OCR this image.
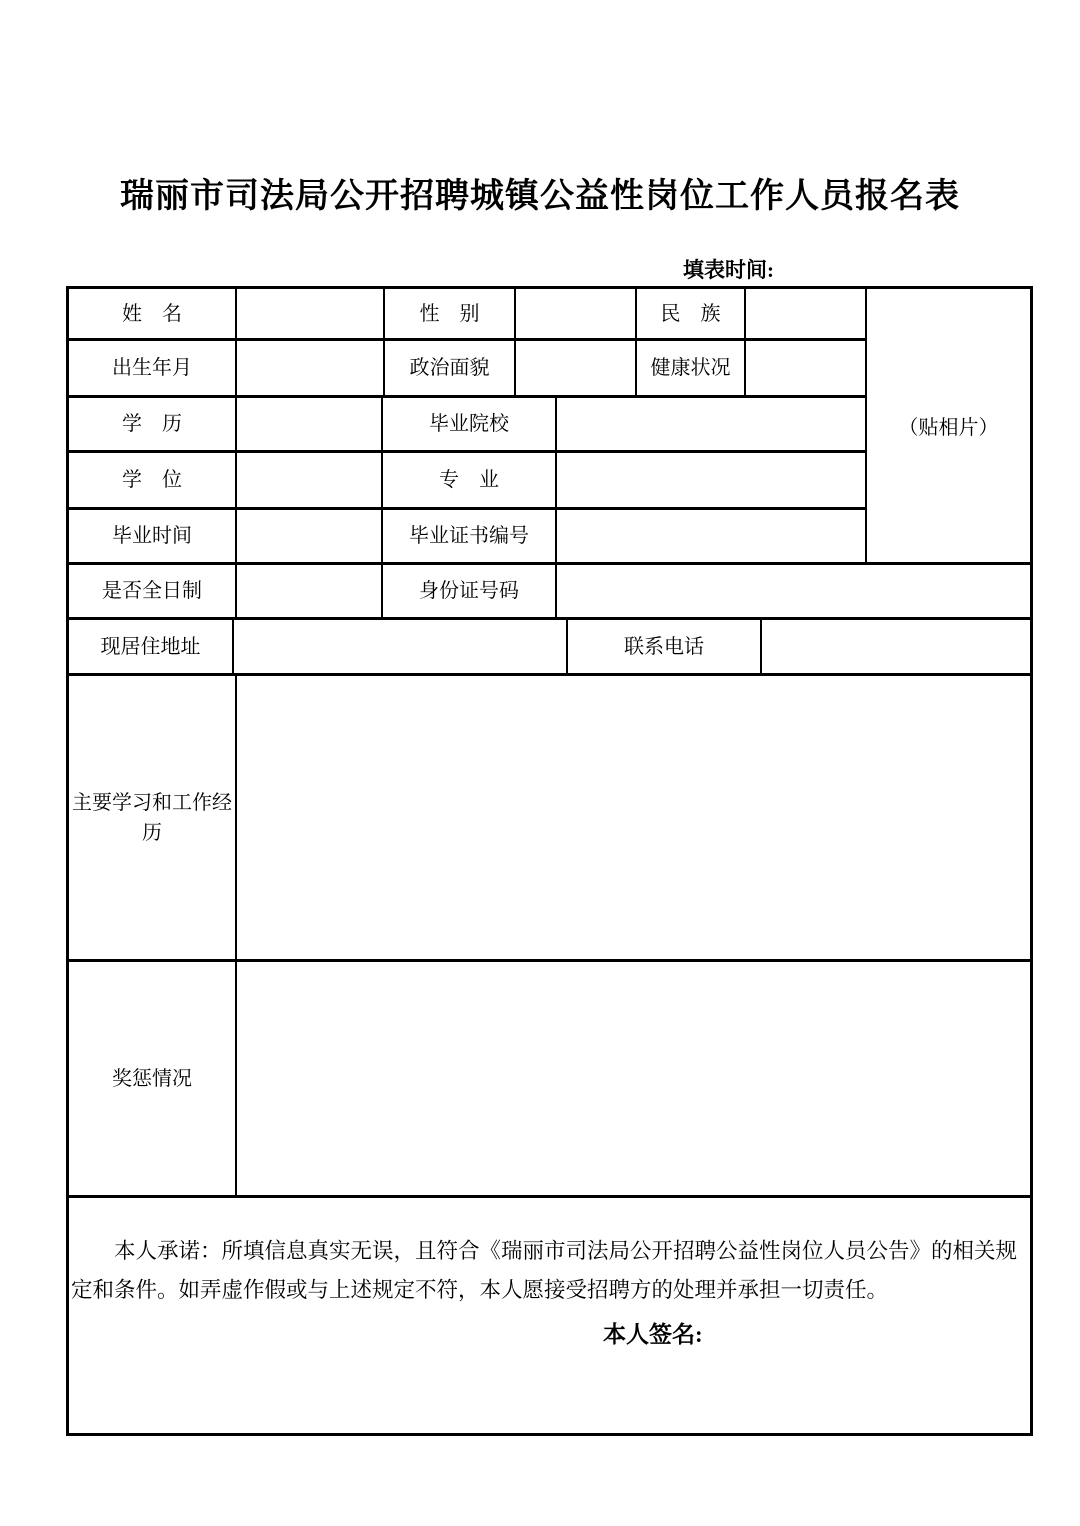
瑞丽市司法局公开招聘城镇公益性岗位工作人员报名表
填表时间:
姓　名	性　别	民　族
出生年月	政治面貌	健康状况
学　历	毕业院校
学　位	专　业
毕业时间	毕业证书编号
是否全日制	身份证号码
现居住地址	联系电话
主要学习和工作经历
奖惩情况
（贴相片）

本人承诺：所填信息真实无误，且符合《瑞丽市司法局公开招聘公益性岗位人员公告》的相关规定和条件。如弄虚作假或与上述规定不符，本人愿接受招聘方的处理并承担一切责任。

本人签名:
